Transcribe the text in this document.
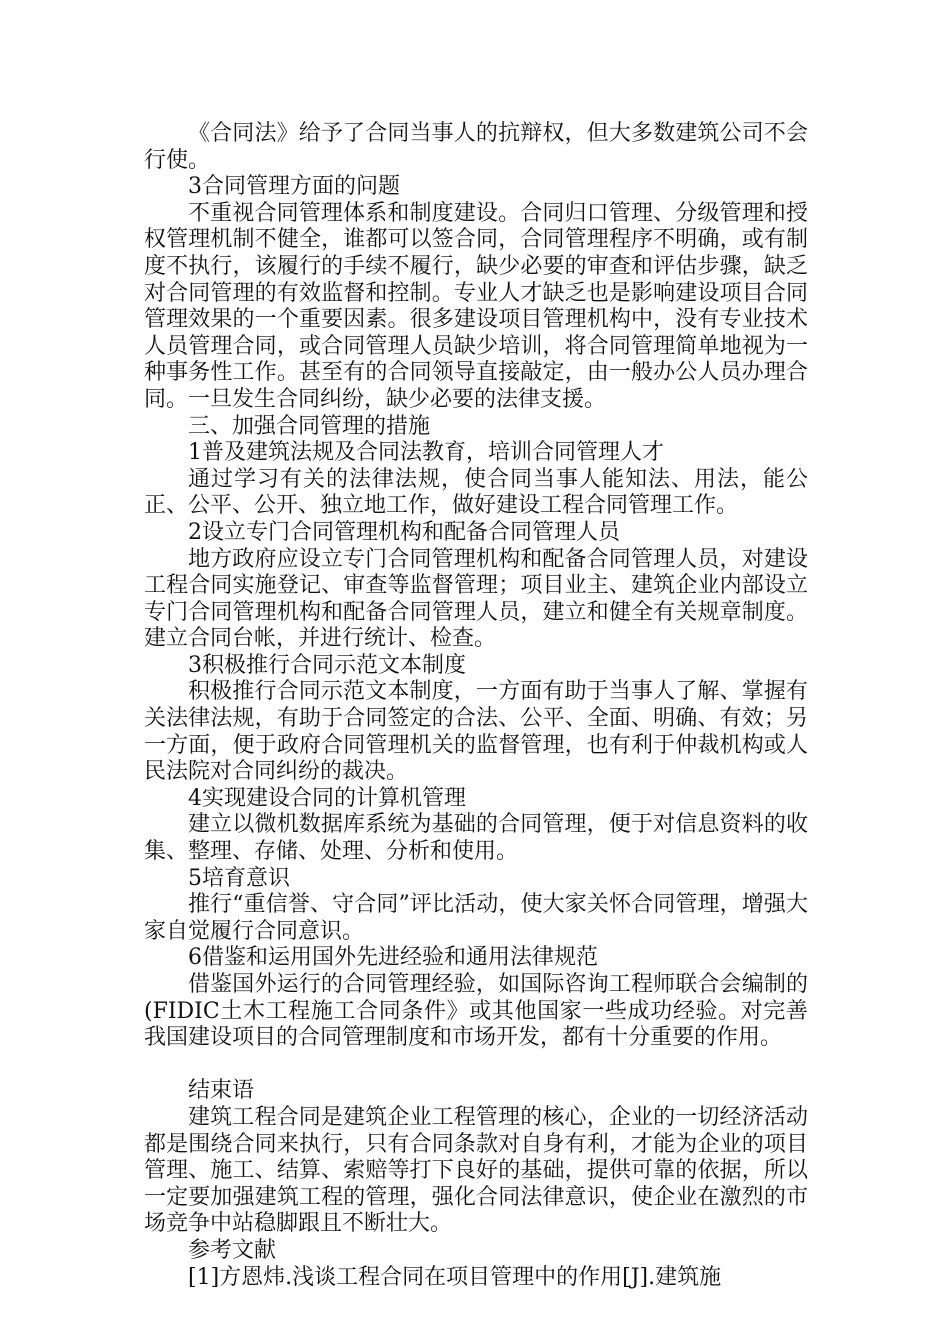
《合同法》给予了合同当事人的抗辩权，但大多数建筑公司不会行使。

3合同管理方面的问题

不重视合同管理体系和制度建设。合同归口管理、分级管理和授权管理机制不健全，谁都可以签合同，合同管理程序不明确，或有制度不执行，该履行的手续不履行，缺少必要的审查和评估步骤，缺乏对合同管理的有效监督和控制。专业人才缺乏也是影响建设项目合同管理效果的一个重要因素。很多建设项目管理机构中，没有专业技术人员管理合同，或合同管理人员缺少培训，将合同管理简单地视为一种事务性工作。甚至有的合同领导直接敲定，由一般办公人员办理合同。一旦发生合同纠纷，缺少必要的法律支援。

三、加强合同管理的措施

1普及建筑法规及合同法教育，培训合同管理人才

通过学习有关的法律法规，使合同当事人能知法、用法，能公正、公平、公开、独立地工作，做好建设工程合同管理工作。

2设立专门合同管理机构和配备合同管理人员

地方政府应设立专门合同管理机构和配备合同管理人员，对建设工程合同实施登记、审查等监督管理；项目业主、建筑企业内部设立专门合同管理机构和配备合同管理人员，建立和健全有关规章制度。建立合同台帐，并进行统计、检查。

3积极推行合同示范文本制度

积极推行合同示范文本制度，一方面有助于当事人了解、掌握有关法律法规，有助于合同签定的合法、公平、全面、明确、有效；另一方面，便于政府合同管理机关的监督管理，也有利于仲裁机构或人民法院对合同纠纷的裁决。

4实现建设合同的计算机管理

建立以微机数据库系统为基础的合同管理，便于对信息资料的收集、整理、存储、处理、分析和使用。

5培育意识

推行“重信誉、守合同”评比活动，使大家关怀合同管理，增强大家自觉履行合同意识。

6借鉴和运用国外先进经验和通用法律规范

借鉴国外运行的合同管理经验，如国际咨询工程师联合会编制的(FIDIC土木工程施工合同条件》或其他国家一些成功经验。对完善我国建设项目的合同管理制度和市场开发，都有十分重要的作用。

结束语

建筑工程合同是建筑企业工程管理的核心，企业的一切经济活动都是围绕合同来执行，只有合同条款对自身有利，才能为企业的项目管理、施工、结算、索赔等打下良好的基础，提供可靠的依据，所以一定要加强建筑工程的管理，强化合同法律意识，使企业在激烈的市场竞争中站稳脚跟且不断壮大。

参考文献

[1]方恩炜.浅谈工程合同在项目管理中的作用[J].建筑施
